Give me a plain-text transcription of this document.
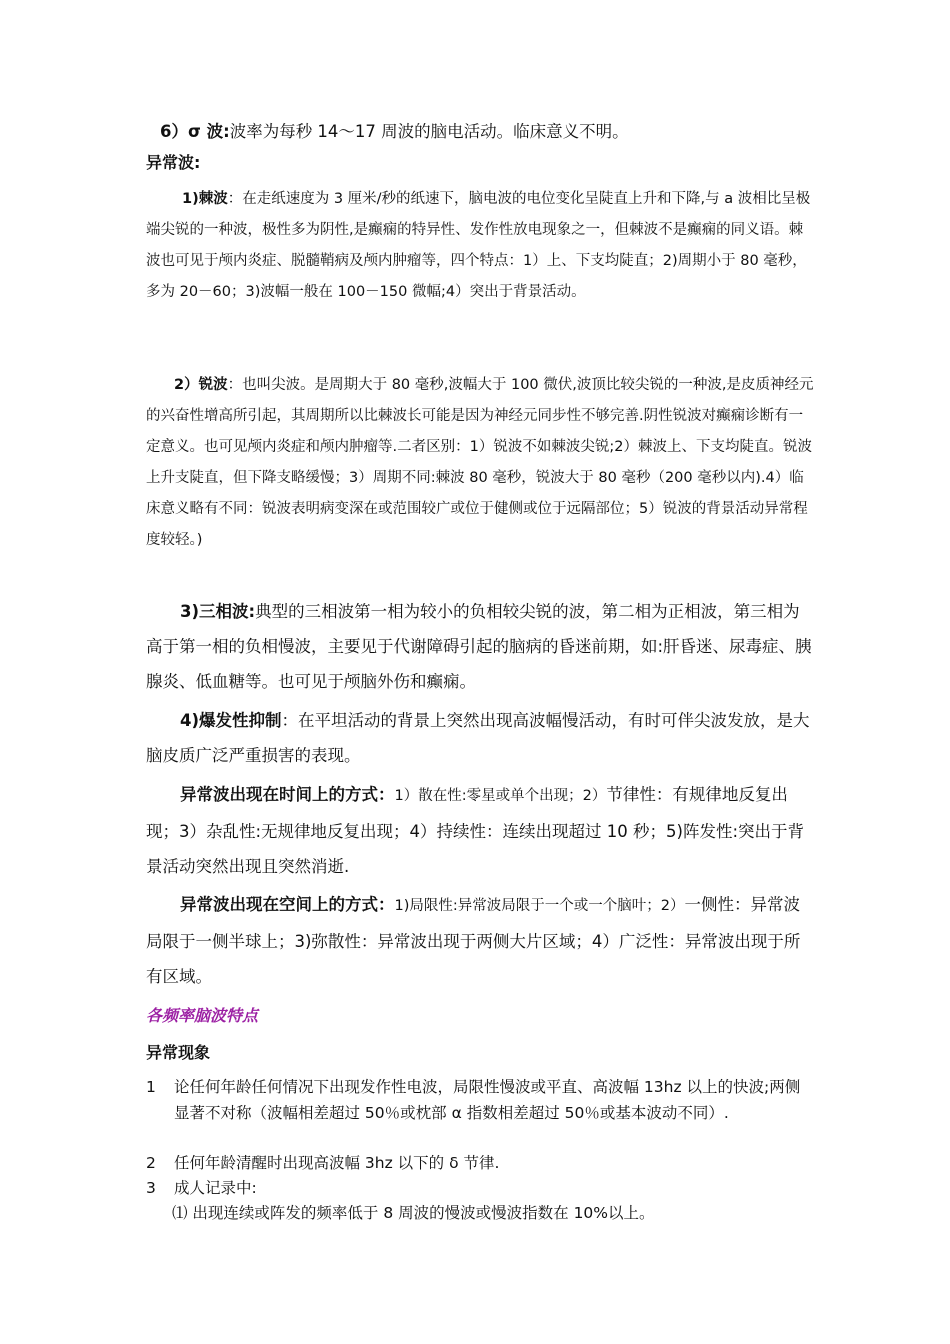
6）σ 波:波率为每秒 14～17 周波的脑电活动。临床意义不明。

异常波:

1)棘波：在走纸速度为 3 厘米/秒的纸速下，脑电波的电位变化呈陡直上升和下降,与 a 波相比呈极端尖锐的一种波，极性多为阴性,是癫痫的特异性、发作性放电现象之一，但棘波不是癫痫的同义语。棘波也可见于颅内炎症、脱髓鞘病及颅内肿瘤等，四个特点：1）上、下支均陡直；2)周期小于 80 毫秒，多为 20－60；3)波幅一般在 100－150 微幅;4）突出于背景活动。

2）锐波：也叫尖波。是周期大于 80 毫秒,波幅大于 100 微伏,波顶比较尖锐的一种波,是皮质神经元的兴奋性增高所引起，其周期所以比棘波长可能是因为神经元同步性不够完善.阴性锐波对癫痫诊断有一定意义。也可见颅内炎症和颅内肿瘤等.二者区别：1）锐波不如棘波尖锐;2）棘波上、下支均陡直。锐波上升支陡直，但下降支略缓慢；3）周期不同:棘波 80 毫秒，锐波大于 80 毫秒（200 毫秒以内).4）临床意义略有不同：锐波表明病变深在或范围较广或位于健侧或位于远隔部位；5）锐波的背景活动异常程度较轻。)

3)三相波:典型的三相波第一相为较小的负相较尖锐的波，第二相为正相波，第三相为高于第一相的负相慢波，主要见于代谢障碍引起的脑病的昏迷前期，如:肝昏迷、尿毒症、胰腺炎、低血糖等。也可见于颅脑外伤和癫痫。

4)爆发性抑制：在平坦活动的背景上突然出现高波幅慢活动，有时可伴尖波发放，是大脑皮质广泛严重损害的表现。

异常波出现在时间上的方式：1）散在性:零星或单个出现；2）节律性：有规律地反复出现；3）杂乱性:无规律地反复出现；4）持续性：连续出现超过 10 秒；5)阵发性:突出于背景活动突然出现且突然消逝.

异常波出现在空间上的方式：1)局限性:异常波局限于一个或一个脑叶；2）一侧性：异常波局限于一侧半球上；3)弥散性：异常波出现于两侧大片区域；4）广泛性：异常波出现于所有区域。

各频率脑波特点

异常现象

1 论任何年龄任何情况下出现发作性电波，局限性慢波或平直、高波幅 13hz 以上的快波;两侧显著不对称（波幅相差超过 50％或枕部 α 指数相差超过 50％或基本波动不同）.
2 任何年龄清醒时出现高波幅 3hz 以下的 δ 节律.
3 成人记录中:
⑴ 出现连续或阵发的频率低于 8 周波的慢波或慢波指数在 10%以上。
